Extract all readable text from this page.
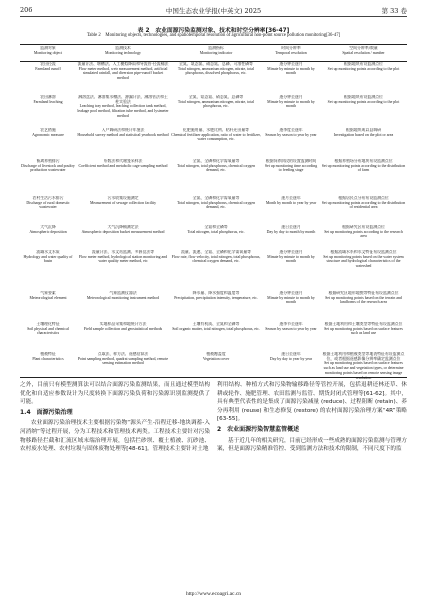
206	中国生态农业学报(中英文) 2025	第 33 卷
表 2　农业面源污染监测对象、技术和时空分辨率[36-47]
Table 2　Monitoring objects, technologies, and spatiotemporal resolution of agricultural non-point source pollution monitoring[36-47]
监测对象
Monitoring object
监测技术
Monitoring technology
监测指标
Monitoring indicator
时间分辨率
Temporal resolution
空间分辨率/数量
Spatial resolution / number
农田径流
Farmland runoff
流量计法、堰槽法、人工模拟降雨和导流管-径流桶法
Flow meter method, weir measurement method, artificial simulated rainfall, and diversion pipe-runoff bucket method
全氮、氨态氮、硝态氮、总磷、可溶性磷等
Total nitrogen, ammonium nitrogen, nitrate, total phosphorus, dissolved phosphorus, etc.
逐分钟至逐月
Minute by minute to month by month
根据地块布设监测点位
Set up monitoring points according to the plot
农田淋溶
Farmland leaching
淋溶盘法、淋溶集水槽法、渗漏计法、淋溶管法和土柱实验法
Leaching tray method, leaching collection tank method, leakage pool method, filtration tube method, and lysimeter method
全氮、氨态氮、硝态氮、总磷等
Total nitrogen, ammonium nitrogen, nitrate, total phosphorus, etc.
逐分钟至逐月
Minute by minute to month by month
根据地块布设监测点位
Set up monitoring points according to the plot
农艺措施
Agronomic measure
入户调研法和统计年鉴法
Household survey method and statistical yearbook method
化肥施用量、水肥比例、秸秆还田量等
Chemical fertilizer application, ratio of water to fertilizer, water consumption, etc.
逐季度至逐年
Season by season to year by year
根据地块或以县调研
Investigation based on the plot or area
畜禽养殖排污
Discharge of livestock and poultry production wastewater
系数法和代谢笼采样法
Coefficient method and metabolic cage sampling method
全氮、全磷和化学需氧量等
Total nitrogen, total phosphorus, chemical oxygen demand, etc.
根据饲养阶段的设置监测时间
Set up monitoring time according to feeding stage
根据养殖场分布地块布设监测点位
Set up monitoring points according to the distribution of farm
农村生活污水排污
Discharge of rural domestic wastewater
污水收集设施测定
Measurement of sewage collection facility
全氮、全磷和化学需氧量等
Total nitrogen, total phosphorus, chemical oxygen demand, etc.
逐月至逐年
Month by month to year by year
根据居民点分布布设监测点位
Set up monitoring points according to the distribution of residential area
大气沉降
Atmospheric deposition
大气沉降桶测定法
Atmospheric deposition bucket measurement method
全氮和全磷等
Total nitrogen, total phosphorus, etc.
逐日至逐月
Day by day to month by month
根据研究区布设监测点位
Set up monitoring points according to the research area
流域水文水质
Hydrology and water quality of basin
流量计法、水文站监测、多源仪法等
Flow meter method, hydrological station monitoring and water quality meter method, etc
流量、流速、全氮、全磷和化学需氧量等
Flow rate, flow velocity, total nitrogen, total phosphorus, chemical oxygen demand, etc.
逐分钟至逐月
Minute by minute to month by month
根据流域水系和水文特征布设监测点位
Set up monitoring points based on the water system structure and hydrological characteristics of the watershed
气象要素
Meteorological element
气象监测仪器法
Meteorological monitoring instrument method
降水量、降水强度和温度等
Precipitation, precipitation intensity, temperature, etc.
逐分钟至逐月
Minute by minute to month by month
根据研究区地形地貌等特征布设监测点位
Set up monitoring points based on the terrain and landforms of the research area
土壤理化特征
Soil physical and chemical characteristics
实地样品采集和地统计方法
Field sample collection and geostatistical methods
土壤有机质、全氮和全磷等
Soil organic matter, total nitrogen, total phosphorus, etc.
逐季节至逐年
Season by season to year by year
根据土地利用和土壤类型等特征布设监测点位
Set up monitoring points based on surface features such as land use
植被特征
Plant characteristics
点取法、样方法、遥感估算法
Point sampling method, quadrat sampling method, remote sensing estimation method
植被覆盖度
Vegetation cover
逐日至逐年
Day by day to year by year
根据土地利用和植被类型等地表特征布设监测点位，或者根据遥感影像分辨率确定监测点位
Set up monitoring points based on surface features such as land use and vegetation types, or determine monitoring points based on remote sensing image resolution

之外，目前只有模型测算法可以结合面源污染监测结果，而且通过模型结构优化和自适应参数设计为尺度转换下面源污染负荷和污染源识别监测提供了可能。

1.4　面源污染治理

农业面源污染治理技术主要根据污染物“源头产生-沿程迁移-地块调蓄-入河消纳”等过程开展，分为工程技术和管理技术两类。工程技术主要针对污染物移路径拦截和汇流区域末端治理开展，包括拦砂坝、覆土植被、沉砂池、农村废水处理、农村垃圾与固体废物处理等[48-61]。管理技术主要针对土地

利用结构、种植方式和污染物输移路径等管控开展，包括退耕还林还草、休耕或轮作、施肥管理、农田监测与监管、期货封闭式管理等[61-62]。其中，具有典型代表性的是集成了面源污染减量 (reduce)、过程阻断 (retain)、养分再利用 (reuse) 和生态修复 (restore) 的农村面源污染治理方案“4R”策略[63-55]。

2　农业面源污染智慧监管概述

基于近几年的相关研究，目前已经形成一些成熟的面源污染监测与管理方案，但是面源污染精准管控、受到监测方法和技术的限制，不同尺度下的监

http://www.ecoagri.ac.cn
